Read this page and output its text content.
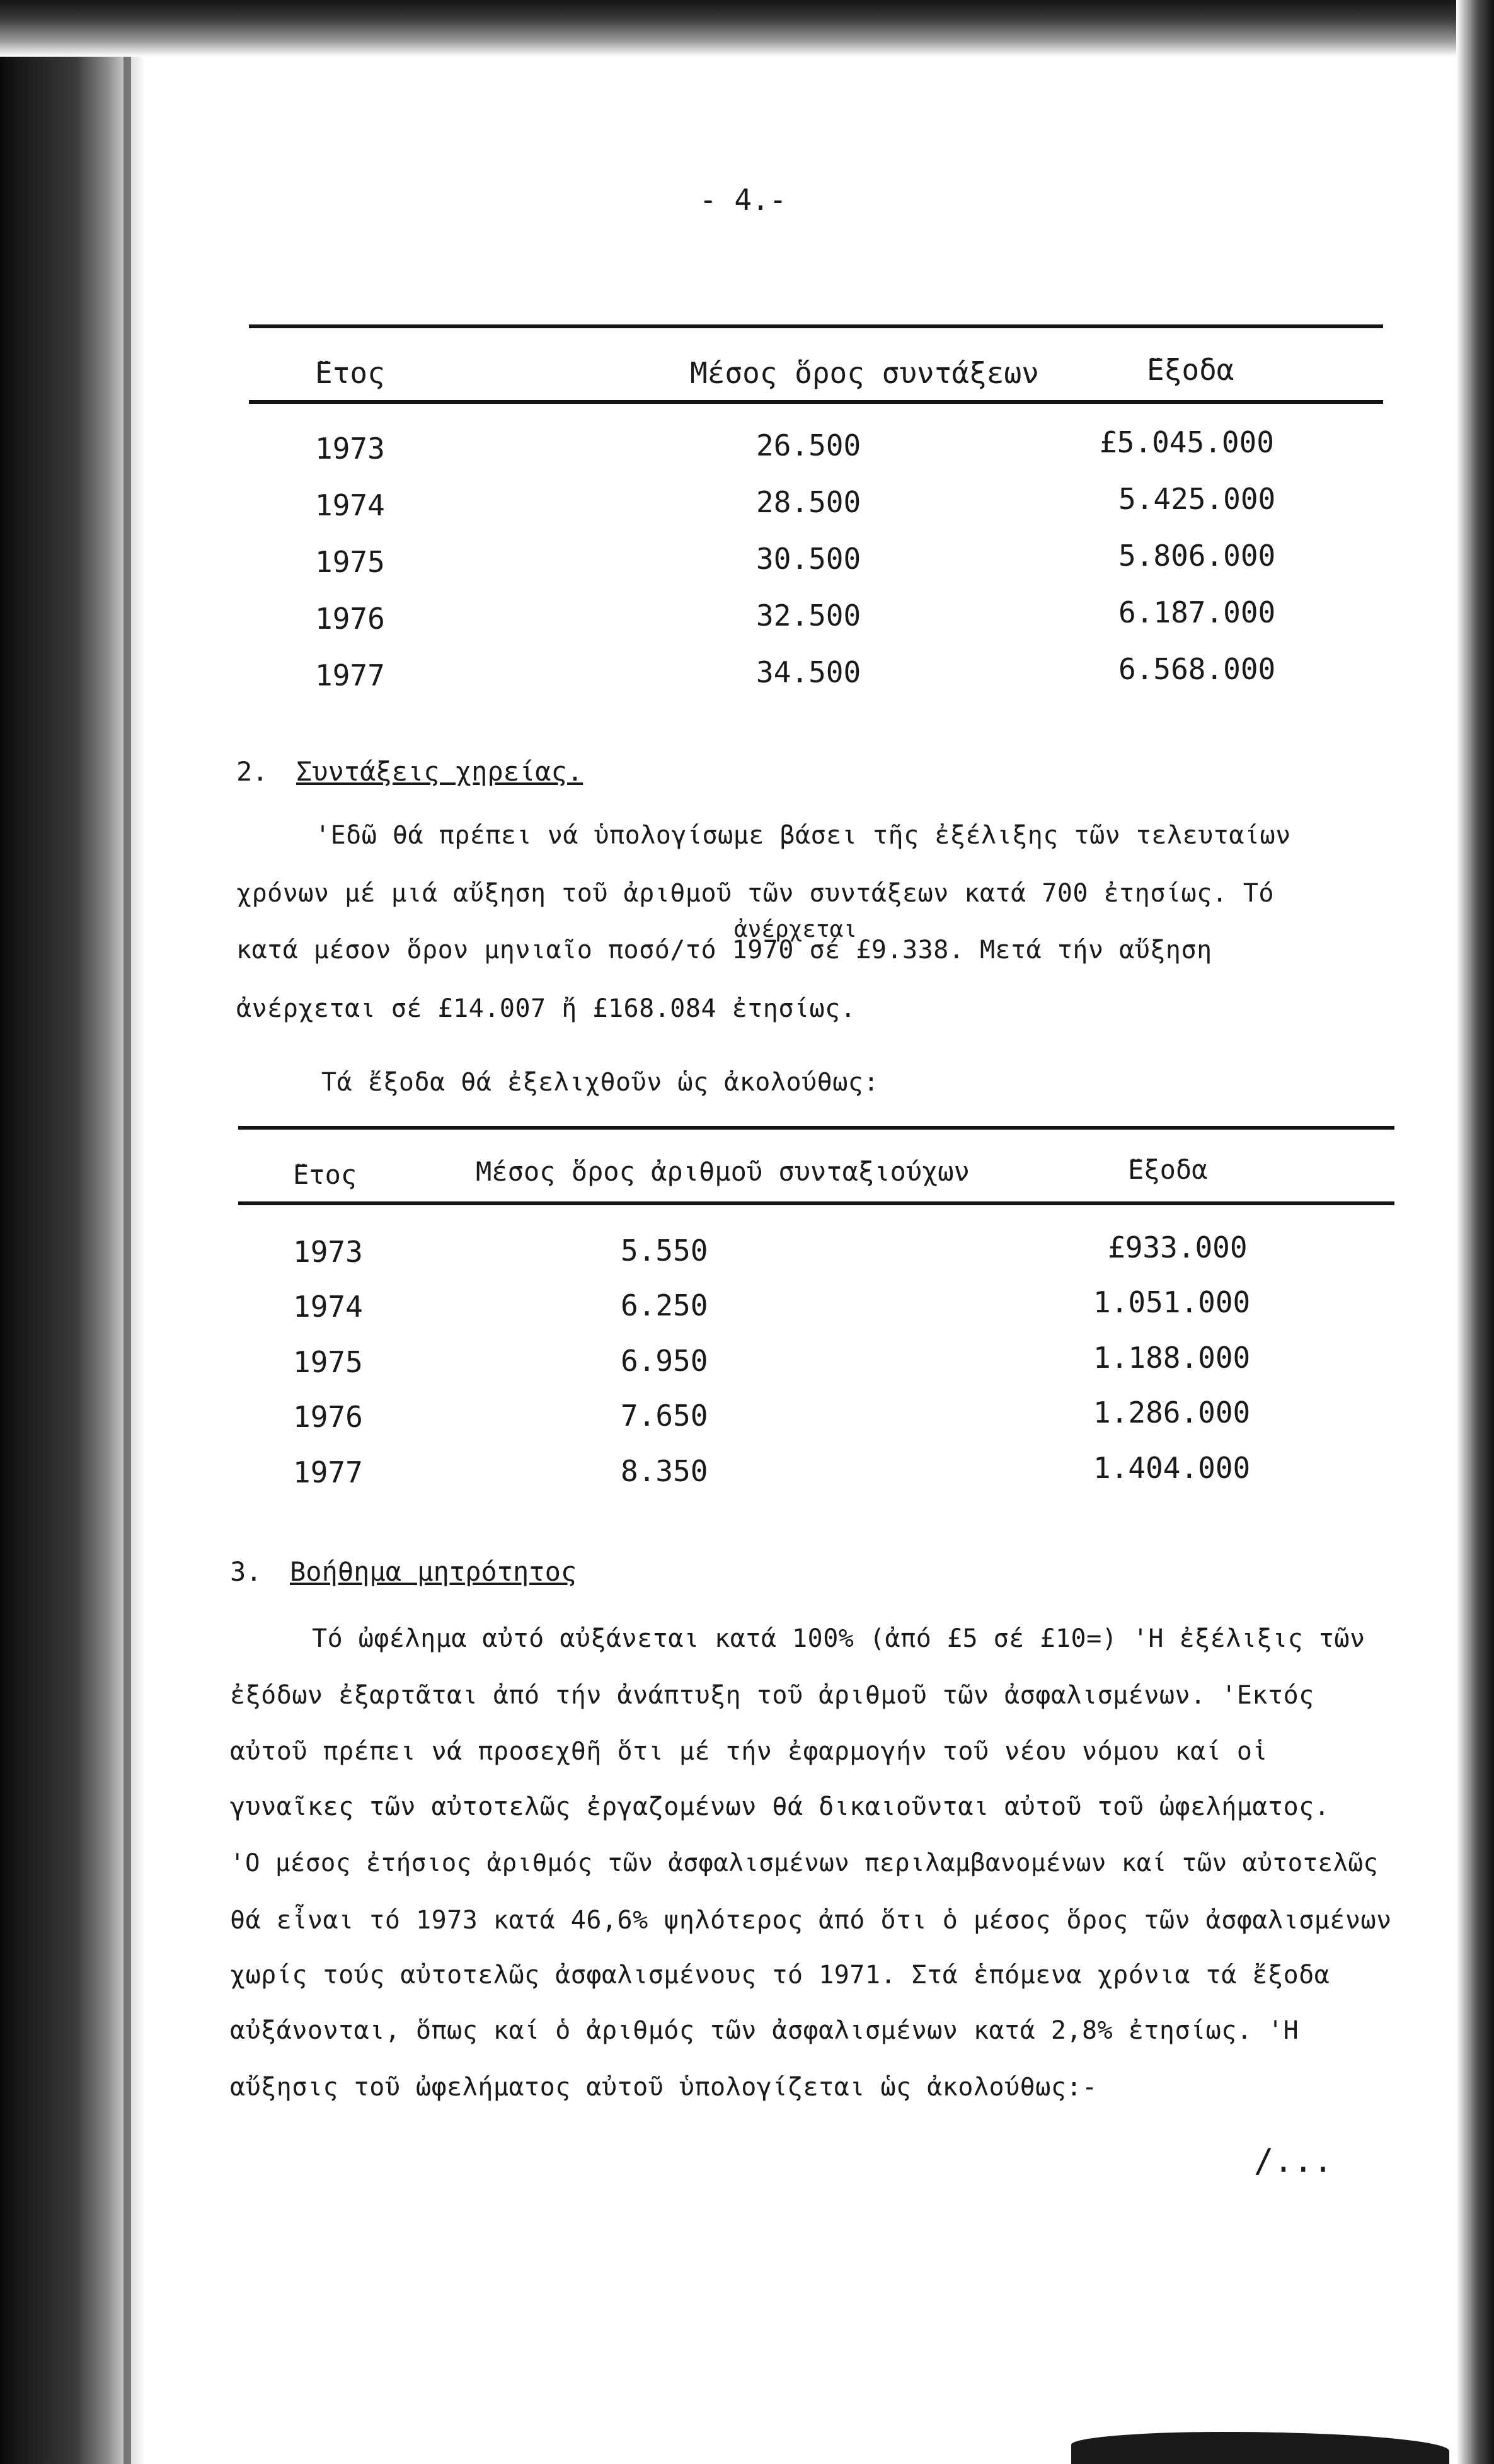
- 4.-
̈Ετος	Μέσος ὅρος συντάξεων	̈Εξοδα
1973	26.500	£5.045.000
1974	28.500	5.425.000
1975	30.500	5.806.000
1976	32.500	6.187.000
1977	34.500	6.568.000
2. Συντάξεις χηρείας.
'Εδῶ θά πρέπει νά ὑπολογίσωμε βάσει τῆς ἐξέλιξης τῶν τελευταίων
χρόνων μέ μιά αὔξηση τοῦ ἀριθμοῦ τῶν συντάξεων κατά 700 ἐτησίως. Τό
ἀνέρχεται
κατά μέσον ὅρον μηνιαῖο ποσό/τό 1970 σέ £9.338. Μετά τήν αὔξηση
ἀνέρχεται σέ £14.007 ἤ £168.084 ἐτησίως.
Τά ἔξοδα θά ἐξελιχθοῦν ὡς ἀκολούθως:
̈Ετος	Μέσος ὅρος ἀριθμοῦ συνταξιούχων	̈Εξοδα
1973	5.550	£933.000
1974	6.250	1.051.000
1975	6.950	1.188.000
1976	7.650	1.286.000
1977	8.350	1.404.000
3. Βοήθημα μητρότητος
Τό ὠφέλημα αὐτό αὐξάνεται κατά 100% (ἀπό £5 σέ £10=) 'Η ἐξέλιξις τῶν
ἐξόδων ἐξαρτᾶται ἀπό τήν ἀνάπτυξη τοῦ ἀριθμοῦ τῶν ἀσφαλισμένων. 'Εκτός
αὐτοῦ πρέπει νά προσεχθῆ ὅτι μέ τήν ἐφαρμογήν τοῦ νέου νόμου καί οἱ
γυναῖκες τῶν αὐτοτελῶς ἐργαζομένων θά δικαιοῦνται αὐτοῦ τοῦ ὠφελήματος.
'Ο μέσος ἐτήσιος ἀριθμός τῶν ἀσφαλισμένων περιλαμβανομένων καί τῶν αὐτοτελῶς
θά εἶναι τό 1973 κατά 46,6% ψηλότερος ἀπό ὅτι ὁ μέσος ὅρος τῶν ἀσφαλισμένων
χωρίς τούς αὐτοτελῶς ἀσφαλισμένους τό 1971. Στά ἑπόμενα χρόνια τά ἔξοδα
αὐξάνονται, ὅπως καί ὁ ἀριθμός τῶν ἀσφαλισμένων κατά 2,8% ἐτησίως. 'Η
αὔξησις τοῦ ὠφελήματος αὐτοῦ ὑπολογίζεται ὡς ἀκολούθως:-
/...
